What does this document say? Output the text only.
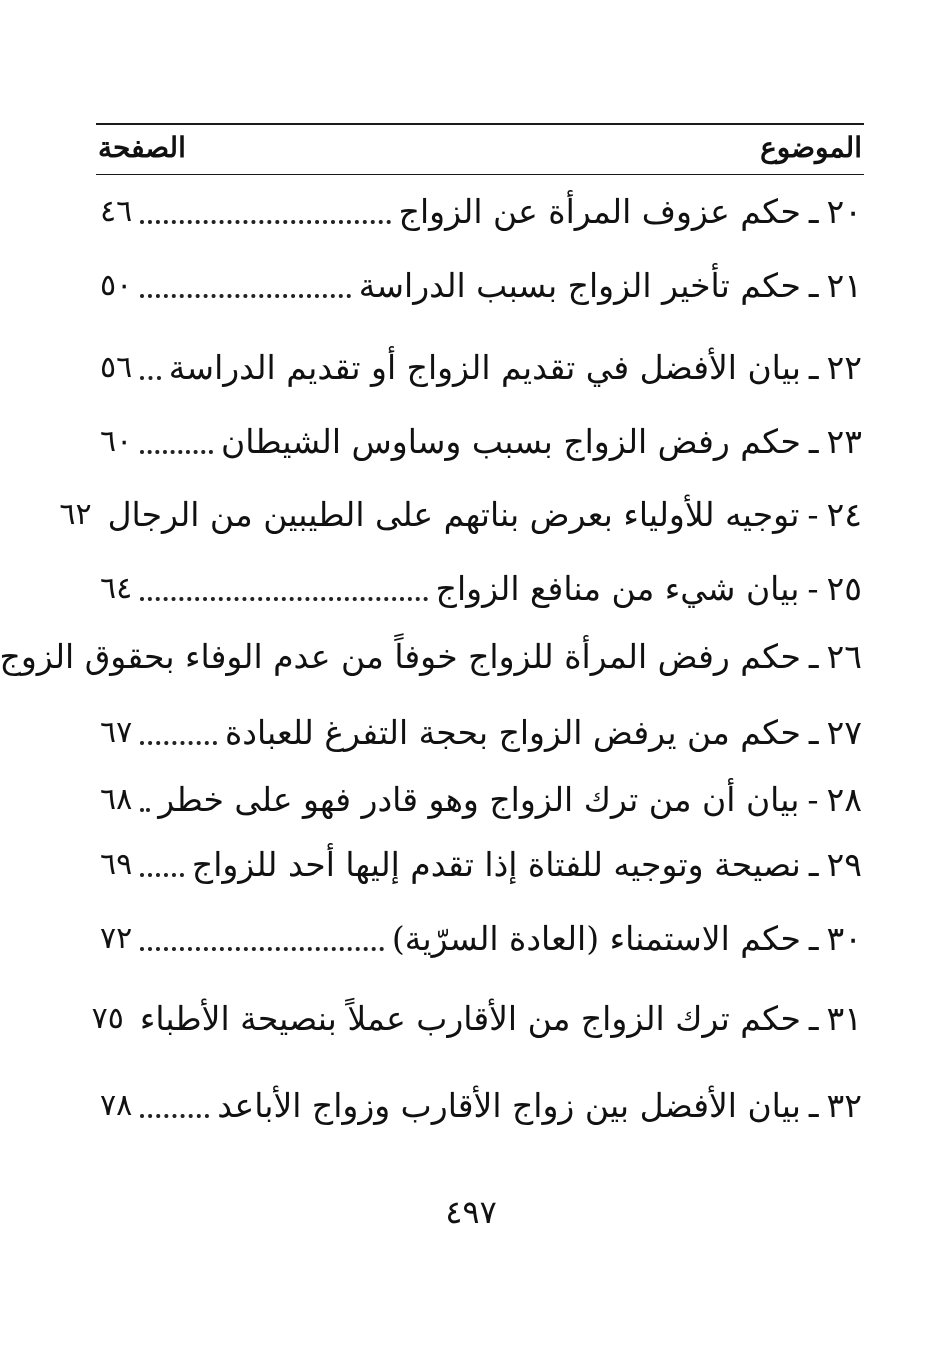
الموضوع
الصفحة
٢٠
ـ
حكم عزوف المرأة عن الزواج
٤٦
٢١
ـ
حكم تأخير الزواج بسبب الدراسة
٥٠
٢٢
ـ
بيان الأفضل في تقديم الزواج أو تقديم الدراسة
٥٦
٢٣
ـ
حكم رفض الزواج بسبب وساوس الشيطان
٦٠
٢٤
-
توجيه للأولياء بعرض بناتهم على الطيبين من الرجال
٦٢
٢٥
-
بيان شيء من منافع الزواج
٦٤
٢٦
ـ
حكم رفض المرأة للزواج خوفاً من عدم الوفاء بحقوق الزوج
٢٧
ـ
حكم من يرفض الزواج بحجة التفرغ للعبادة
٦٧
٢٨
-
بيان أن من ترك الزواج وهو قادر فهو على خطر
٦٨
٢٩
ـ
نصيحة وتوجيه للفتاة إذا تقدم إليها أحد للزواج
٦٩
٣٠
ـ
حكم الاستمناء (العادة السرّية)
٧٢
٣١
ـ
حكم ترك الزواج من الأقارب عملاً بنصيحة الأطباء
٧٥
٣٢
ـ
بيان الأفضل بين زواج الأقارب وزواج الأباعد
٧٨
٤٩٧
